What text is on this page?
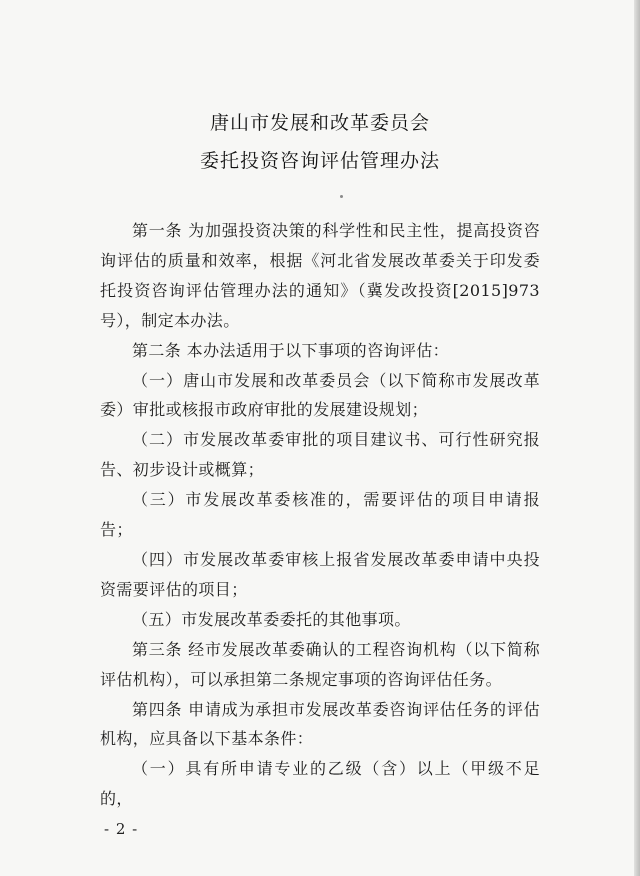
唐山市发展和改革委员会
委托投资咨询评估管理办法

第一条 为加强投资决策的科学性和民主性，提高投资咨询评估的质量和效率，根据《河北省发展改革委关于印发委托投资咨询评估管理办法的通知》（冀发改投资[2015]973号），制定本办法。

第二条 本办法适用于以下事项的咨询评估：

（一）唐山市发展和改革委员会（以下简称市发展改革委）审批或核报市政府审批的发展建设规划；

（二）市发展改革委审批的项目建议书、可行性研究报告、初步设计或概算；

（三）市发展改革委核准的，需要评估的项目申请报告；

（四）市发展改革委审核上报省发展改革委申请中央投资需要评估的项目；

（五）市发展改革委委托的其他事项。

第三条 经市发展改革委确认的工程咨询机构（以下简称评估机构），可以承担第二条规定事项的咨询评估任务。

第四条 申请成为承担市发展改革委咨询评估任务的评估机构，应具备以下基本条件：

（一）具有所申请专业的乙级（含）以上（甲级不足的，

- 2 -
